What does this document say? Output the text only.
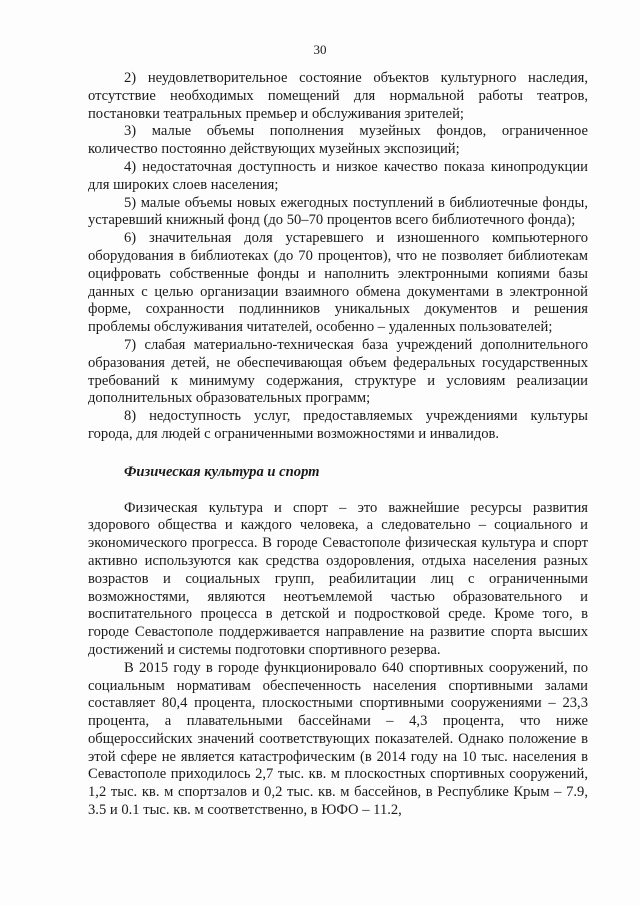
30

2) неудовлетворительное состояние объектов культурного наследия, отсутствие необходимых помещений для нормальной работы театров, постановки театральных премьер и обслуживания зрителей;

3) малые объемы пополнения музейных фондов, ограниченное количество постоянно действующих музейных экспозиций;

4) недостаточная доступность и низкое качество показа кинопродукции для широких слоев населения;

5) малые объемы новых ежегодных поступлений в библиотечные фонды, устаревший книжный фонд (до 50–70 процентов всего библиотечного фонда);

6) значительная доля устаревшего и изношенного компьютерного оборудования в библиотеках (до 70 процентов), что не позволяет библиотекам оцифровать собственные фонды и наполнить электронными копиями базы данных с целью организации взаимного обмена документами в электронной форме, сохранности подлинников уникальных документов и решения проблемы обслуживания читателей, особенно – удаленных пользователей;

7) слабая материально-техническая база учреждений дополнительного образования детей, не обеспечивающая объем федеральных государственных требований к минимуму содержания, структуре и условиям реализации дополнительных образовательных программ;

8) недоступность услуг, предоставляемых учреждениями культуры города, для людей с ограниченными возможностями и инвалидов.

Физическая культура и спорт

Физическая культура и спорт – это важнейшие ресурсы развития здорового общества и каждого человека, а следовательно – социального и экономического прогресса. В городе Севастополе физическая культура и спорт активно используются как средства оздоровления, отдыха населения разных возрастов и социальных групп, реабилитации лиц с ограниченными возможностями, являются неотъемлемой частью образовательного и воспитательного процесса в детской и подростковой среде. Кроме того, в городе Севастополе поддерживается направление на развитие спорта высших достижений и системы подготовки спортивного резерва.

В 2015 году в городе функционировало 640 спортивных сооружений, по социальным нормативам обеспеченность населения спортивными залами составляет 80,4 процента, плоскостными спортивными сооружениями – 23,3 процента, а плавательными бассейнами – 4,3 процента, что ниже общероссийских значений соответствующих показателей. Однако положение в этой сфере не является катастрофическим (в 2014 году на 10 тыс. населения в Севастополе приходилось 2,7 тыс. кв. м плоскостных спортивных сооружений, 1,2 тыс. кв. м спортзалов и 0,2 тыс. кв. м бассейнов, в Республике Крым – 7.9, 3.5 и 0.1 тыс. кв. м соответственно, в ЮФО – 11.2,
